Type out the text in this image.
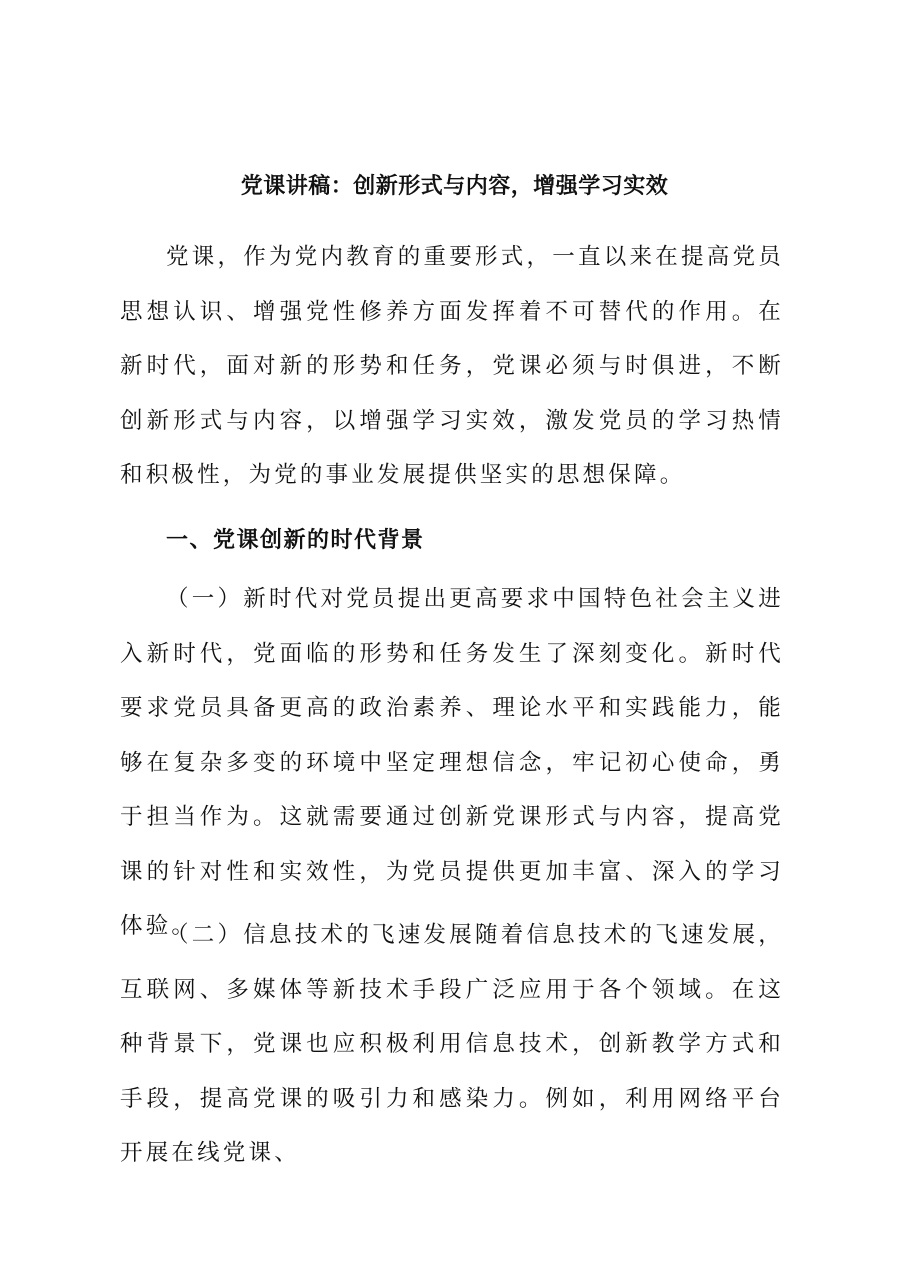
党课讲稿：创新形式与内容，增强学习实效

党课，作为党内教育的重要形式，一直以来在提高党员思想认识、增强党性修养方面发挥着不可替代的作用。在新时代，面对新的形势和任务，党课必须与时俱进，不断创新形式与内容，以增强学习实效，激发党员的学习热情和积极性，为党的事业发展提供坚实的思想保障。

一、党课创新的时代背景

（一）新时代对党员提出更高要求中国特色社会主义进入新时代，党面临的形势和任务发生了深刻变化。新时代要求党员具备更高的政治素养、理论水平和实践能力，能够在复杂多变的环境中坚定理想信念，牢记初心使命，勇于担当作为。这就需要通过创新党课形式与内容，提高党课的针对性和实效性，为党员提供更加丰富、深入的学习体验。

（二）信息技术的飞速发展随着信息技术的飞速发展，互联网、多媒体等新技术手段广泛应用于各个领域。在这种背景下，党课也应积极利用信息技术，创新教学方式和手段，提高党课的吸引力和感染力。例如，利用网络平台开展在线党课、
